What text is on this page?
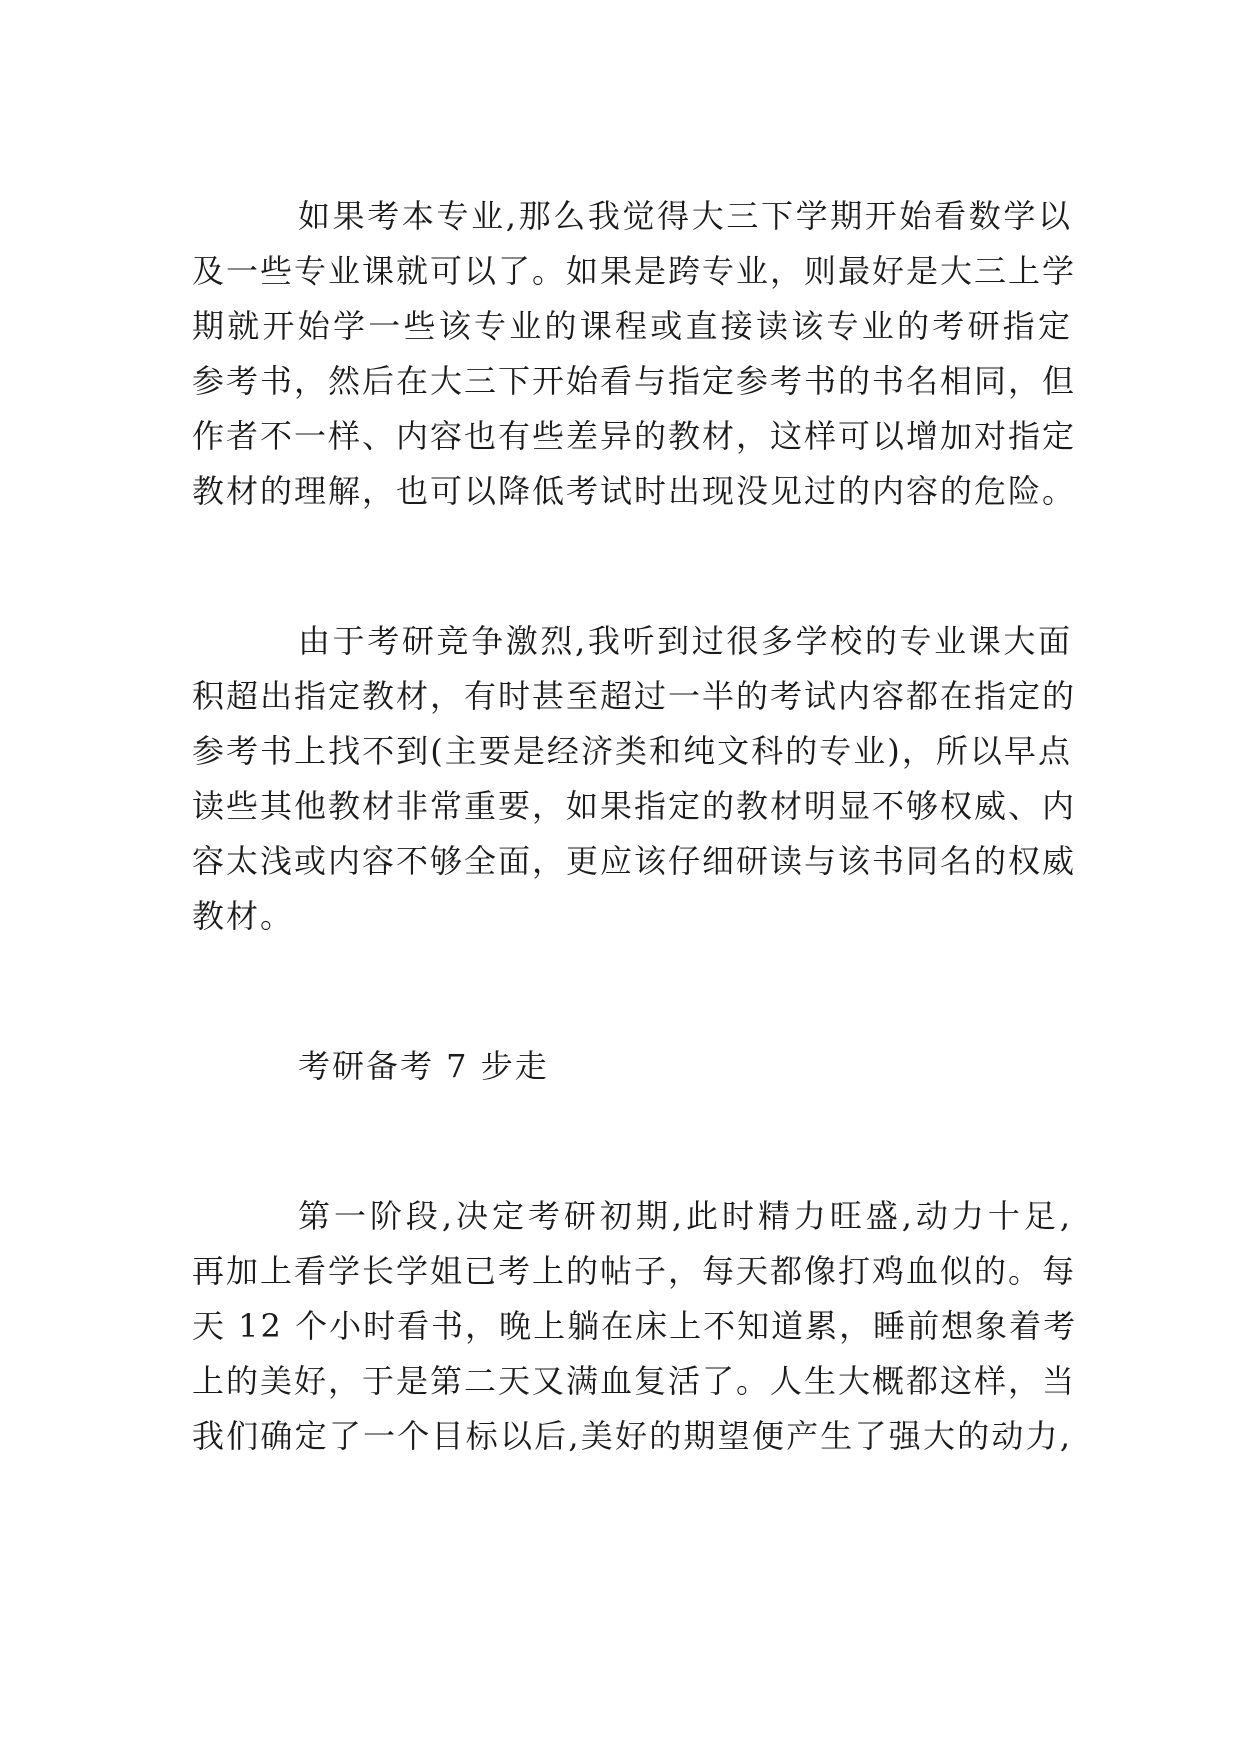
如果考本专业,那么我觉得大三下学期开始看数学以
及一些专业课就可以了。如果是跨专业，则最好是大三上学
期就开始学一些该专业的课程或直接读该专业的考研指定
参考书，然后在大三下开始看与指定参考书的书名相同，但
作者不一样、内容也有些差异的教材，这样可以增加对指定
教材的理解，也可以降低考试时出现没见过的内容的危险。
由于考研竞争激烈,我听到过很多学校的专业课大面
积超出指定教材，有时甚至超过一半的考试内容都在指定的
参考书上找不到(主要是经济类和纯文科的专业)，所以早点
读些其他教材非常重要，如果指定的教材明显不够权威、内
容太浅或内容不够全面，更应该仔细研读与该书同名的权威
教材。
考研备考 7 步走
第一阶段,决定考研初期,此时精力旺盛,动力十足,
再加上看学长学姐已考上的帖子，每天都像打鸡血似的。每
天 12 个小时看书，晚上躺在床上不知道累，睡前想象着考
上的美好，于是第二天又满血复活了。人生大概都这样，当
我们确定了一个目标以后,美好的期望便产生了强大的动力,
